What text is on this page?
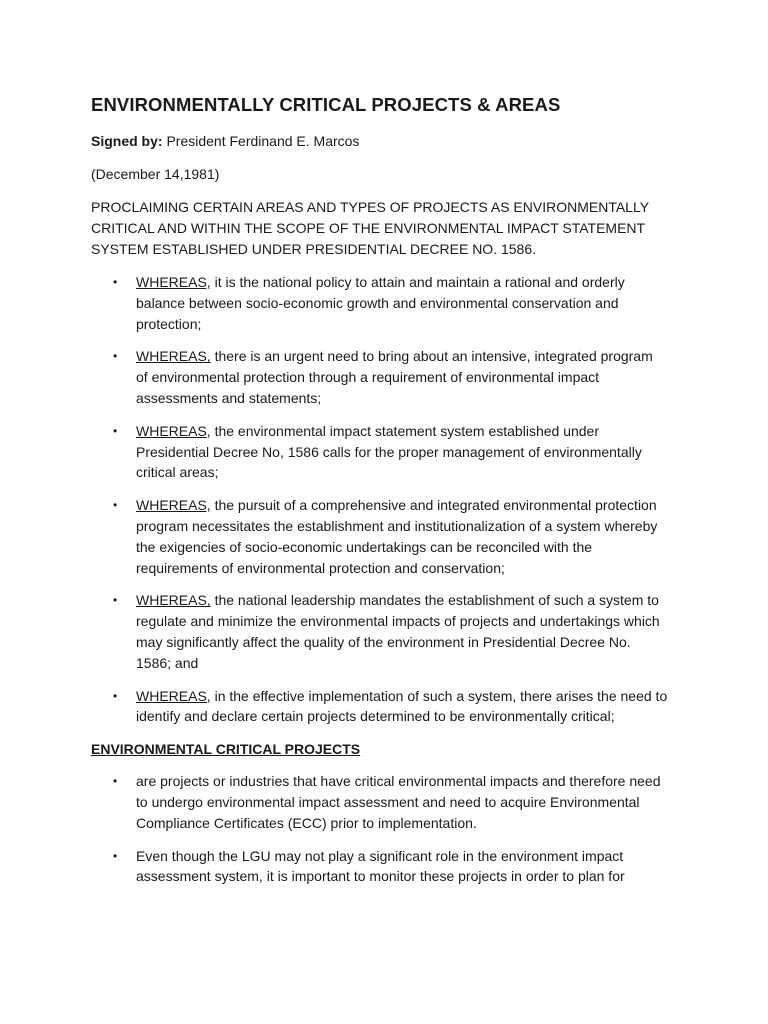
ENVIRONMENTALLY CRITICAL PROJECTS & AREAS

Signed by: President Ferdinand E. Marcos

(December 14,1981)

PROCLAIMING CERTAIN AREAS AND TYPES OF PROJECTS AS ENVIRONMENTALLY CRITICAL AND WITHIN THE SCOPE OF THE ENVIRONMENTAL IMPACT STATEMENT SYSTEM ESTABLISHED UNDER PRESIDENTIAL DECREE NO. 1586.

• WHEREAS, it is the national policy to attain and maintain a rational and orderly balance between socio-economic growth and environmental conservation and protection;
• WHEREAS, there is an urgent need to bring about an intensive, integrated program of environmental protection through a requirement of environmental impact assessments and statements;
• WHEREAS, the environmental impact statement system established under Presidential Decree No, 1586 calls for the proper management of environmentally critical areas;
• WHEREAS, the pursuit of a comprehensive and integrated environmental protection program necessitates the establishment and institutionalization of a system whereby the exigencies of socio-economic undertakings can be reconciled with the requirements of environmental protection and conservation;
• WHEREAS, the national leadership mandates the establishment of such a system to regulate and minimize the environmental impacts of projects and undertakings which may significantly affect the quality of the environment in Presidential Decree No. 1586; and
• WHEREAS, in the effective implementation of such a system, there arises the need to identify and declare certain projects determined to be environmentally critical;
ENVIRONMENTAL CRITICAL PROJECTS
• are projects or industries that have critical environmental impacts and therefore need to undergo environmental impact assessment and need to acquire Environmental Compliance Certificates (ECC) prior to implementation.
• Even though the LGU may not play a significant role in the environment impact assessment system, it is important to monitor these projects in order to plan for
